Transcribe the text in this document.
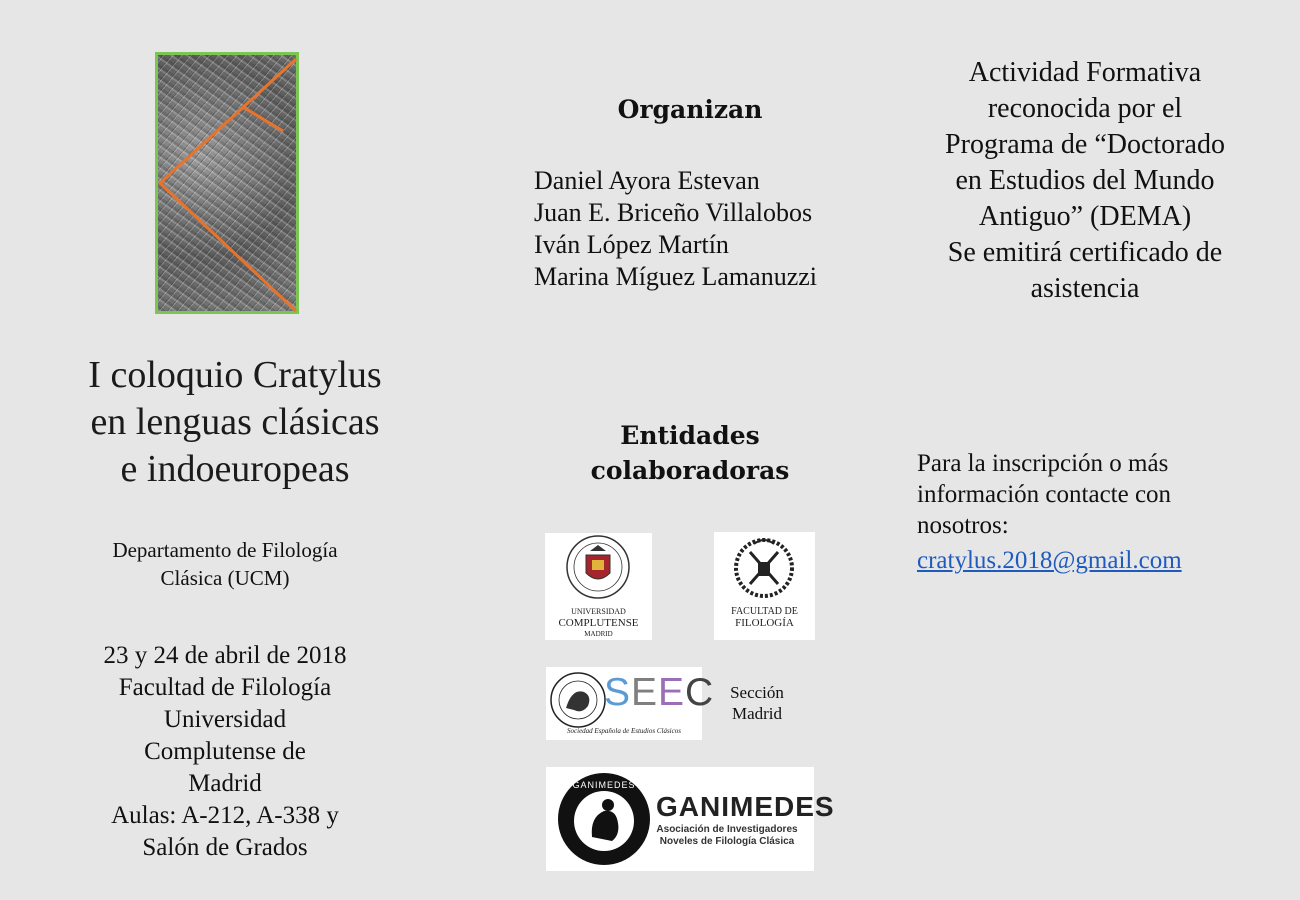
I coloquio Cratylus
en lenguas clásicas
e indoeuropeas
Departamento de Filología
Clásica (UCM)
23 y 24 de abril de 2018
Facultad de Filología
Universidad
Complutense de
Madrid
Aulas: A-212, A-338 y
Salón de Grados
Organizan
Daniel Ayora Estevan
Juan E. Briceño Villalobos
Iván López Martín
Marina Míguez Lamanuzzi
Entidades
colaboradoras
UNIVERSIDAD
COMPLUTENSE
MADRID
FACULTAD DE
FILOLOGÍA
SEEC
Sociedad Española de Estudios Clásicos
Sección
Madrid
GANIMEDES
GANIMEDES
Asociación de Investigadores
Noveles de Filología Clásica
Actividad Formativa
reconocida por el
Programa de “Doctorado
en Estudios del Mundo
Antiguo” (DEMA)
Se emitirá certificado de
asistencia
Para la inscripción o más
información contacte con
nosotros:
cratylus.2018@gmail.com
